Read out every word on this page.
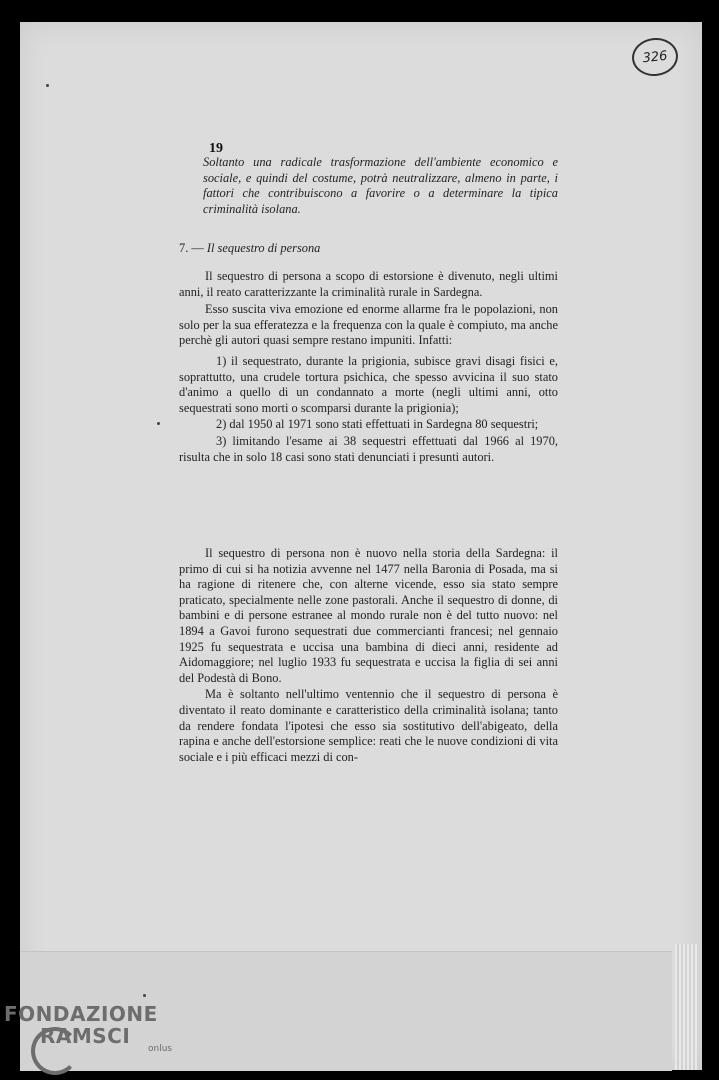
326
19
Soltanto una radicale trasformazione dell'ambiente economico e sociale, e quindi del costume, potrà neutralizzare, almeno in parte, i fattori che contribuiscono a favorire o a determinare la tipica criminalità isolana.
7. — Il sequestro di persona

Il sequestro di persona a scopo di estorsione è divenuto, negli ultimi anni, il reato caratterizzante la criminalità rurale in Sardegna.

Esso suscita viva emozione ed enorme allarme fra le popolazioni, non solo per la sua efferatezza e la frequenza con la quale è compiuto, ma anche perchè gli autori quasi sempre restano impuniti. Infatti:

1) il sequestrato, durante la prigionia, subisce gravi disagi fisici e, soprattutto, una crudele tortura psichica, che spesso avvicina il suo stato d'animo a quello di un condannato a morte (negli ultimi anni, otto sequestrati sono morti o scomparsi durante la prigionia);
2) dal 1950 al 1971 sono stati effettuati in Sardegna 80 sequestri;
3) limitando l'esame ai 38 sequestri effettuati dal 1966 al 1970, risulta che in solo 18 casi sono stati denunciati i presunti autori.

Il sequestro di persona non è nuovo nella storia della Sardegna: il primo di cui si ha notizia avvenne nel 1477 nella Baronia di Posada, ma si ha ragione di ritenere che, con alterne vicende, esso sia stato sempre praticato, specialmente nelle zone pastorali. Anche il sequestro di donne, di bambini e di persone estranee al mondo rurale non è del tutto nuovo: nel 1894 a Gavoi furono sequestrati due commercianti francesi; nel gennaio 1925 fu sequestrata e uccisa una bambina di dieci anni, residente ad Aidomaggiore; nel luglio 1933 fu sequestrata e uccisa la figlia di sei anni del Podestà di Bono.

Ma è soltanto nell'ultimo ventennio che il sequestro di persona è diventato il reato dominante e caratteristico della criminalità isolana; tanto da rendere fondata l'ipotesi che esso sia sostitutivo dell'abigeato, della rapina e anche dell'estorsione semplice: reati che le nuove condizioni di vita sociale e i più efficaci mezzi di con-

FONDAZIONE
RAMSCI
onlus
